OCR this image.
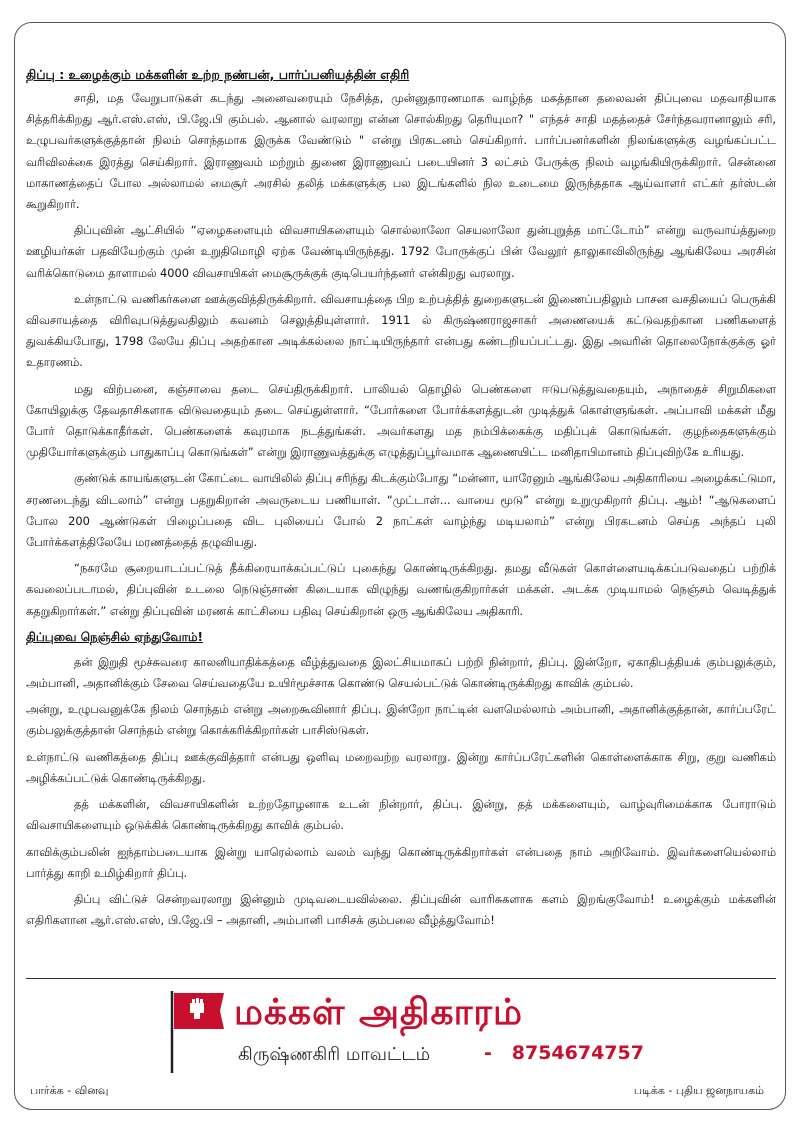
திப்பு : உழைக்கும் மக்களின் உற்ற நண்பன், பார்ப்பனியத்தின் எதிரி
சாதி, மத வேறுபாடுகள் கடந்து அனைவரையும் நேசித்த, முன்னுதாரணமாக வாழ்ந்த மகத்தான தலைவன் திப்புவை மதவாதியாக சித்தரிக்கிறது ஆர்.எஸ்.எஸ், பி.ஜே.பி கும்பல். ஆனால் வரலாறு என்ன சொல்கிறது தெரியுமா? " எந்தச் சாதி மதத்தைச் சேர்ந்தவரானாலும் சரி, உழுபவர்களுக்குத்தான் நிலம் சொந்தமாக இருக்க வேண்டும் " என்று பிரகடனம் செய்கிறார். பார்ப்பனர்களின் நிலங்களுக்கு வழங்கப்பட்ட வரிவிலக்கை இரத்து செய்கிறார். இராணுவம் மற்றும் துணை இராணுவப் படையினர் 3 லட்சம் பேருக்கு நிலம் வழங்கியிருக்கிறார். சென்னை மாகாணத்தைப் போல அல்லாமல் மைசூர் அரசில் தலித் மக்களுக்கு பல இடங்களில் நில உடைமை இருந்ததாக ஆய்வாளர் எட்கர் தர்ஸ்டன் கூறுகிறார்.
திப்புவின் ஆட்சியில் “ஏழைகளையும் விவசாயிகளையும் சொல்லாலோ செயலாலோ துன்புறுத்த மாட்டோம்” என்று வருவாய்த்துறை ஊழியர்கள் பதவியேற்கும் முன் உறுதிமொழி ஏற்க வேண்டியிருந்தது. 1792 போருக்குப் பின் வேலூர் தாலுகாவிலிருந்து ஆங்கிலேய அரசின் வரிக்கொடுமை தாளாமல் 4000 விவசாயிகள் மைசூருக்குக் குடிபெயர்ந்தனர் என்கிறது வரலாறு.
உள்நாட்டு வணிகர்களை ஊக்குவித்திருக்கிறார். விவசாயத்தை பிற உற்பத்தித் துறைகளுடன் இணைப்பதிலும் பாசன வசதியைப் பெருக்கி விவசாயத்தை விரிவுபடுத்துவதிலும் கவனம் செலுத்தியுள்ளார். 1911 ல் கிருஷ்ணராஜசாகர் அணையைக் கட்டுவதற்கான பணிகளைத் துவக்கியபோது, 1798 லேயே திப்பு அதற்கான அடிக்கல்லை நாட்டியிருந்தார் என்பது கண்டறியப்பட்டது. இது அவரின் தொலைநோக்குக்கு ஓர் உதாரணம்.
மது விற்பனை, கஞ்சாவை தடை செய்திருக்கிறார். பாலியல் தொழில் பெண்களை ஈடுபடுத்துவதையும், அநாதைச் சிறுமிகளை கோயிலுக்கு தேவதாசிகளாக விடுவதையும் தடை செய்துள்ளார். “போர்களை போர்க்களத்துடன் முடித்துக் கொள்ளுங்கள். அப்பாவி மக்கள் மீது போர் தொடுக்காதீர்கள். பெண்களைக் கவுரமாக நடத்துங்கள். அவர்களது மத நம்பிக்கைக்கு மதிப்புக் கொடுங்கள். குழந்தைகளுக்கும் முதியோர்களுக்கும் பாதுகாப்பு கொடுங்கள்” என்று இராணுவத்துக்கு எழுத்துப்பூர்வமாக ஆணையிட்ட மனிதாபிமானம் திப்புவிற்கே உரியது.
குண்டுக் காயங்களுடன் கோட்டை வாயிலில் திப்பு சரிந்து கிடக்கும்போது “மன்னா, யாரேனும் ஆங்கிலேய அதிகாரியை அழைக்கட்டுமா, சரணடைந்து விடலாம்” என்று பதறுகிறான் அவருடைய பணியாள். “முட்டாள்... வாயை மூடு” என்று உறுமுகிறார் திப்பு. ஆம்! “ஆடுகளைப் போல 200 ஆண்டுகள் பிழைப்பதை விட புலியைப் போல் 2 நாட்கள் வாழ்ந்து மடியலாம்” என்று பிரகடனம் செய்த அந்தப் புலி போர்க்களத்திலேயே மரணத்தைத் தழுவியது.
“நகரமே சூறையாடப்பட்டுத் தீக்கிரையாக்கப்பட்டுப் புகைந்து கொண்டிருக்கிறது. தமது வீடுகள் கொள்ளையடிக்கப்படுவதைப் பற்றிக் கவலைப்படாமல், திப்புவின் உடலை நெடுஞ்சாண் கிடையாக விழுந்து வணங்குகிறார்கள் மக்கள். அடக்க முடியாமல் நெஞ்சம் வெடித்துக் கதறுகிறார்கள்.” என்று திப்புவின் மரணக் காட்சியை பதிவு செய்கிறான் ஒரு ஆங்கிலேய அதிகாரி.
திப்புவை நெஞ்சில் ஏந்துவோம்!
தன் இறுதி மூச்சுவரை காலனியாதிக்கத்தை வீழ்த்துவதை இலட்சியமாகப் பற்றி நின்றார், திப்பு. இன்றோ, ஏகாதிபத்தியக் கும்பலுக்கும், அம்பானி, அதானிக்கும் சேவை செய்வதையே உயிர்மூச்சாக கொண்டு செயல்பட்டுக் கொண்டிருக்கிறது காவிக் கும்பல்.
அன்று, உழுபவனுக்கே நிலம் சொந்தம் என்று அறைகூவினார் திப்பு. இன்றோ நாட்டின் வளமெல்லாம் அம்பானி, அதானிக்குத்தான், கார்ப்பரேட் கும்பலுக்குத்தான் சொந்தம் என்று கொக்கரிக்கிறார்கள் பாசிஸ்டுகள்.
உள்நாட்டு வணிகத்தை திப்பு ஊக்குவித்தார் என்பது ஒளிவு மறைவற்ற வரலாறு. இன்று கார்ப்பரேட்களின் கொள்ளைக்காக சிறு, குறு வணிகம் அழிக்கப்பட்டுக் கொண்டிருக்கிறது.
தத் மக்களின், விவசாயிகளின் உற்றதோழனாக உடன் நின்றார், திப்பு. இன்று, தத் மக்களையும், வாழ்வுரிமைக்காக போராடும் விவசாயிகளையும் ஒடுக்கிக் கொண்டிருக்கிறது காவிக் கும்பல்.
காவிக்கும்பலின் ஐந்தாம்படையாக இன்று யாரெல்லாம் வலம் வந்து கொண்டிருக்கிறார்கள் என்பதை நாம் அறிவோம். இவர்களையெல்லாம் பார்த்து காறி உமிழ்கிறார் திப்பு.
திப்பு விட்டுச் சென்றவரலாறு இன்னும் முடிவடையவில்லை. திப்புவின் வாரிசுகளாக களம் இறங்குவோம்! உழைக்கும் மக்களின் எதிரிகளான ஆர்.எஸ்.எஸ், பி.ஜே.பி – அதானி, அம்பானி பாசிசக் கும்பலை வீழ்த்துவோம்!
மக்கள் அதிகாரம்
கிருஷ்ணகிரி மாவட்டம்	- 8754674757
பார்க்க - வினவு	படிக்க - புதிய ஜனநாயகம்
